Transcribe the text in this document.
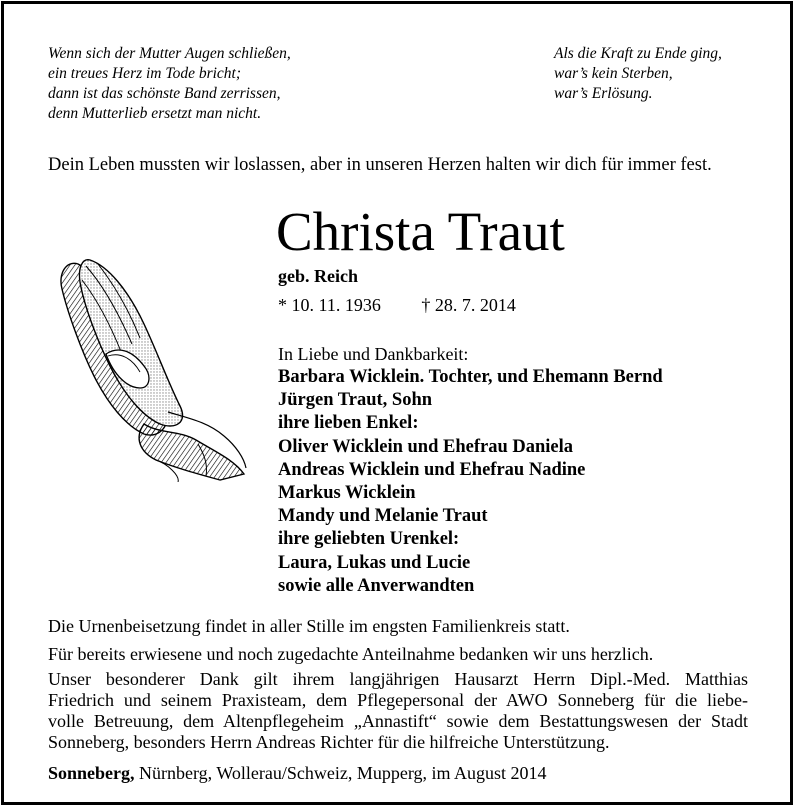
Wenn sich der Mutter Augen schließen,
ein treues Herz im Tode bricht;
dann ist das schönste Band zerrissen,
denn Mutterlieb ersetzt man nicht.
Als die Kraft zu Ende ging,
war’s kein Sterben,
war’s Erlösung.
Dein Leben mussten wir loslassen, aber in unseren Herzen halten wir dich für immer fest.
Christa Traut
geb. Reich
* 10. 11. 1936 † 28. 7. 2014
In Liebe und Dankbarkeit:
Barbara Wicklein. Tochter, und Ehemann Bernd
Jürgen Traut, Sohn
ihre lieben Enkel:
Oliver Wicklein und Ehefrau Daniela
Andreas Wicklein und Ehefrau Nadine
Markus Wicklein
Mandy und Melanie Traut
ihre geliebten Urenkel:
Laura, Lukas und Lucie
sowie alle Anverwandten
Die Urnenbeisetzung findet in aller Stille im engsten Familienkreis statt.
Für bereits erwiesene und noch zugedachte Anteilnahme bedanken wir uns herzlich.
Unser besonderer Dank gilt ihrem langjährigen Hausarzt Herrn Dipl.-Med. Matthias
Friedrich und seinem Praxisteam, dem Pflegepersonal der AWO Sonneberg für die liebe-
volle Betreuung, dem Altenpflegeheim „Annastift“ sowie dem Bestattungswesen der Stadt
Sonneberg, besonders Herrn Andreas Richter für die hilfreiche Unterstützung.
Sonneberg, Nürnberg, Wollerau/Schweiz, Mupperg, im August 2014
